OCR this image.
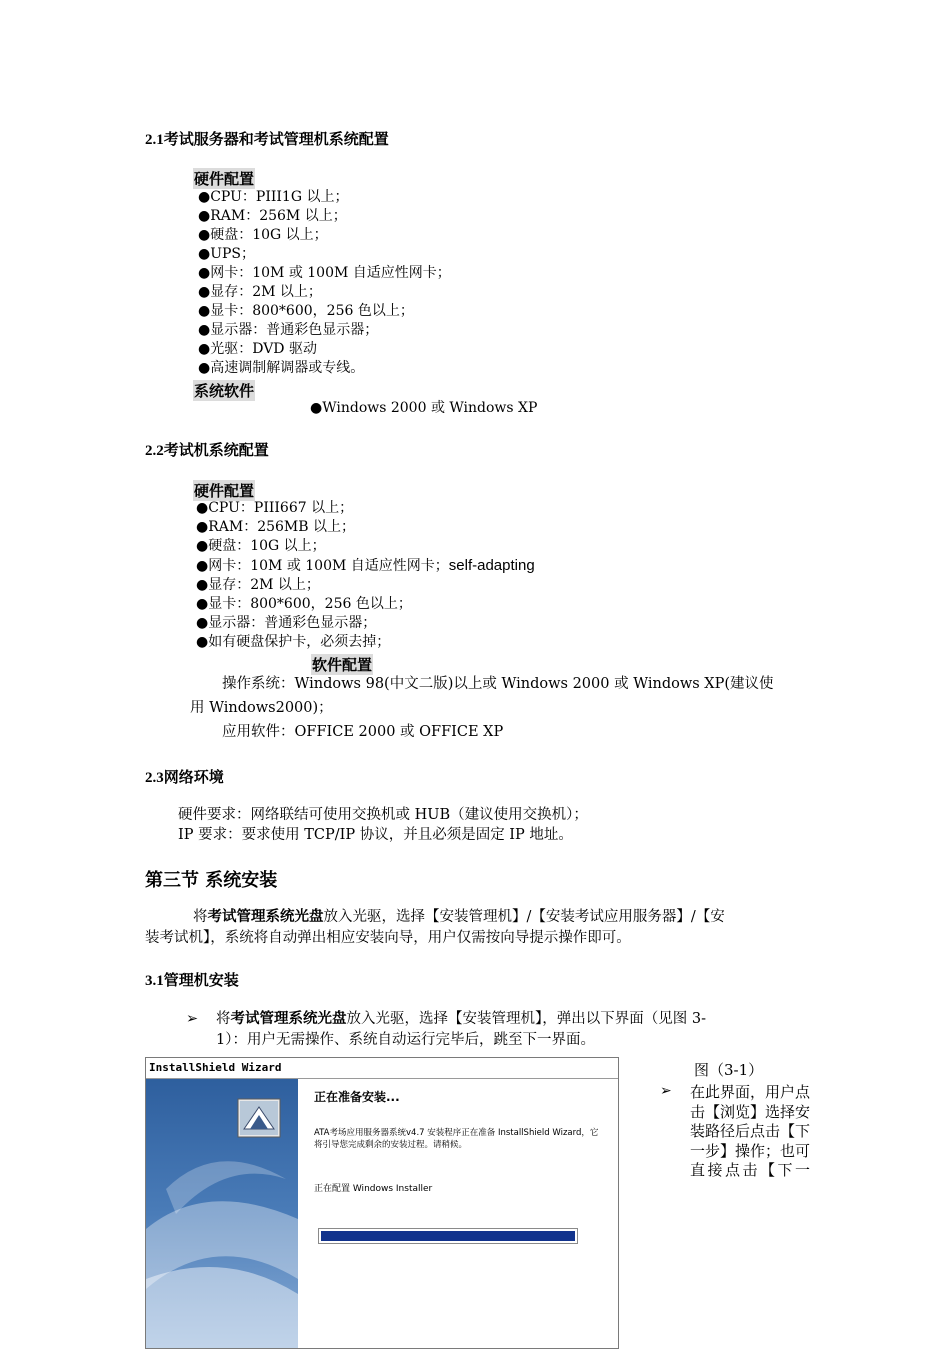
2.1考试服务器和考试管理机系统配置
硬件配置
●CPU：PIII1G 以上；
●RAM：256M 以上；
●硬盘：10G 以上；
●UPS；
●网卡：10M 或 100M 自适应性网卡；
●显存：2M 以上；
●显卡：800*600，256 色以上；
●显示器：普通彩色显示器；
●光驱：DVD 驱动
●高速调制解调器或专线。
系统软件
●Windows 2000 或 Windows XP
2.2考试机系统配置
硬件配置
●CPU：PIII667 以上；
●RAM：256MB 以上；
●硬盘：10G 以上；
●网卡：10M 或 100M 自适应性网卡；self-adapting
●显存：2M 以上；
●显卡：800*600，256 色以上；
●显示器：普通彩色显示器；
●如有硬盘保护卡，必须去掉；
软件配置
操作系统：Windows 98(中文二版)以上或 Windows 2000 或 Windows XP(建议使
用 Windows2000)；
应用软件：OFFICE 2000 或 OFFICE XP
2.3网络环境
硬件要求：网络联结可使用交换机或 HUB（建议使用交换机）；
IP 要求：要求使用 TCP/IP 协议，并且必须是固定 IP 地址。
第三节 系统安装
将考试管理系统光盘放入光驱，选择【安装管理机】/【安装考试应用服务器】/【安
装考试机】，系统将自动弹出相应安装向导，用户仅需按向导提示操作即可。
3.1管理机安装
➢ 将考试管理系统光盘放入光驱，选择【安装管理机】，弹出以下界面（见图 3-
1）：用户无需操作、系统自动运行完毕后，跳至下一界面。
InstallShield Wizard
正在准备安装...
ATA考场应用服务器系统v4.7 安装程序正在准备 InstallShield Wizard，它将引导您完成剩余的安装过程。请稍候。
正在配置 Windows Installer
图（3-1）
➢ 在此界面，用户点击【浏览】选择安装路径后点击【下一步】操作；也可直接点击【下一
